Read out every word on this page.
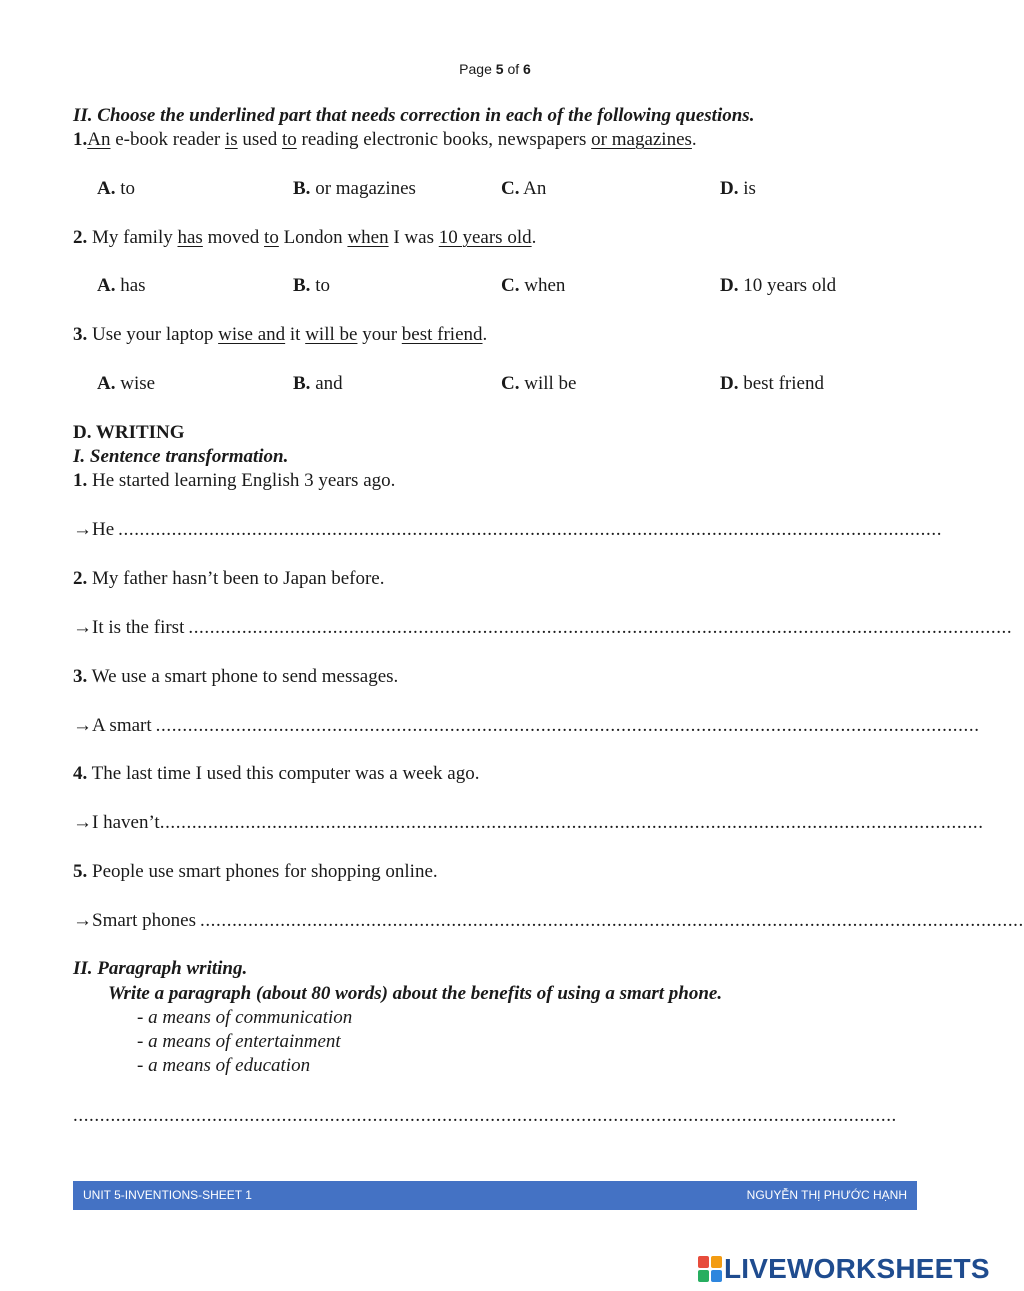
Page 5 of 6
II. Choose the underlined part that needs correction in each of the following questions.
1.An e-book reader is used to reading electronic books, newspapers or magazines.
A. to	B. or magazines	C. An	D. is
2. My family has moved to London when I was 10 years old.
A. has	B. to	C. when	D. 10 years old
3. Use your laptop wise and it will be your best friend.
A. wise	B. and	C. will be	D. best friend
D. WRITING
I. Sentence transformation.
1. He started learning English 3 years ago.
→ He ..........................................................................................................................................................
2. My father hasn’t been to Japan before.
→ It is the first ..........................................................................................................................................................
3. We use a smart phone to send messages.
→ A smart ..........................................................................................................................................................
4. The last time I used this computer was a week ago.
→ I haven’t ..........................................................................................................................................................
5. People use smart phones for shopping online.
→ Smart phones ..........................................................................................................................................................
II. Paragraph writing.
Write a paragraph (about 80 words) about the benefits of using a smart phone.
- a means of communication
- a means of entertainment
- a means of education
..........................................................................................................................................................
UNIT 5-INVENTIONS-SHEET 1	NGUYỄN THỊ PHƯỚC HẠNH
LIVEWORKSHEETS
